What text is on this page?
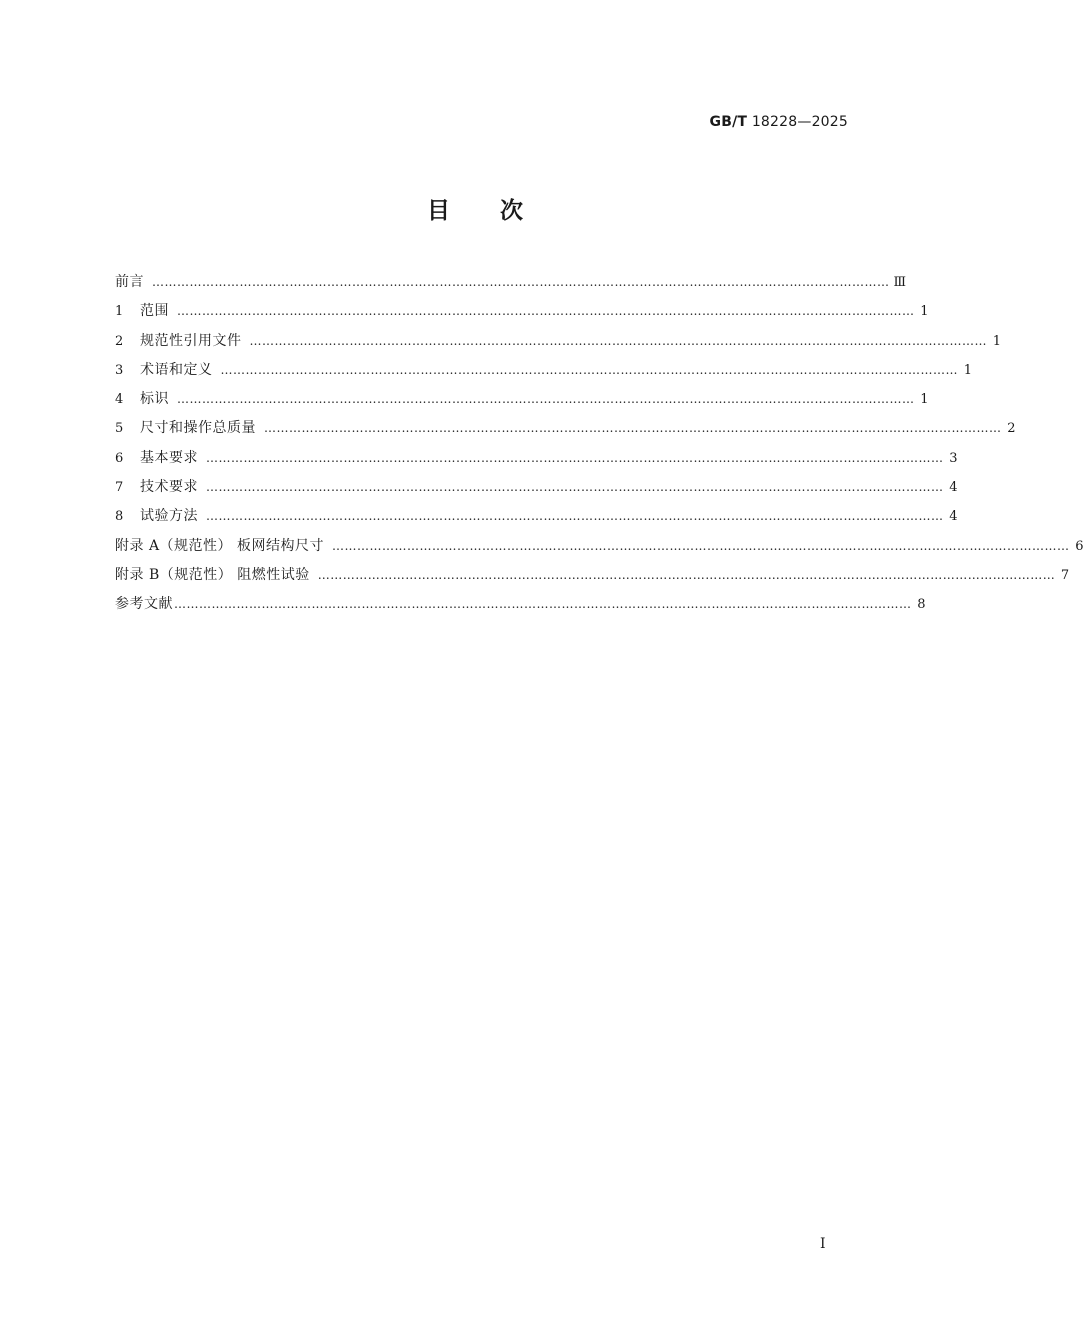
GB/T 18228—2025
目次
前言 …………………………………………………………………………………………………………………………………………………………… Ⅲ
1	范围 …………………………………………………………………………………………………………………………………………………………… 1
2	规范性引用文件 …………………………………………………………………………………………………………………………………………………………… 1
3	术语和定义 …………………………………………………………………………………………………………………………………………………………… 1
4	标识 …………………………………………………………………………………………………………………………………………………………… 1
5	尺寸和操作总质量 …………………………………………………………………………………………………………………………………………………………… 2
6	基本要求 …………………………………………………………………………………………………………………………………………………………… 3
7	技术要求 …………………………………………………………………………………………………………………………………………………………… 4
8	试验方法 …………………………………………………………………………………………………………………………………………………………… 4
附录 A（规范性） 板网结构尺寸 …………………………………………………………………………………………………………………………………………………………… 6
附录 B（规范性） 阻燃性试验 …………………………………………………………………………………………………………………………………………………………… 7
参考文献 …………………………………………………………………………………………………………………………………………………………… 8
I
